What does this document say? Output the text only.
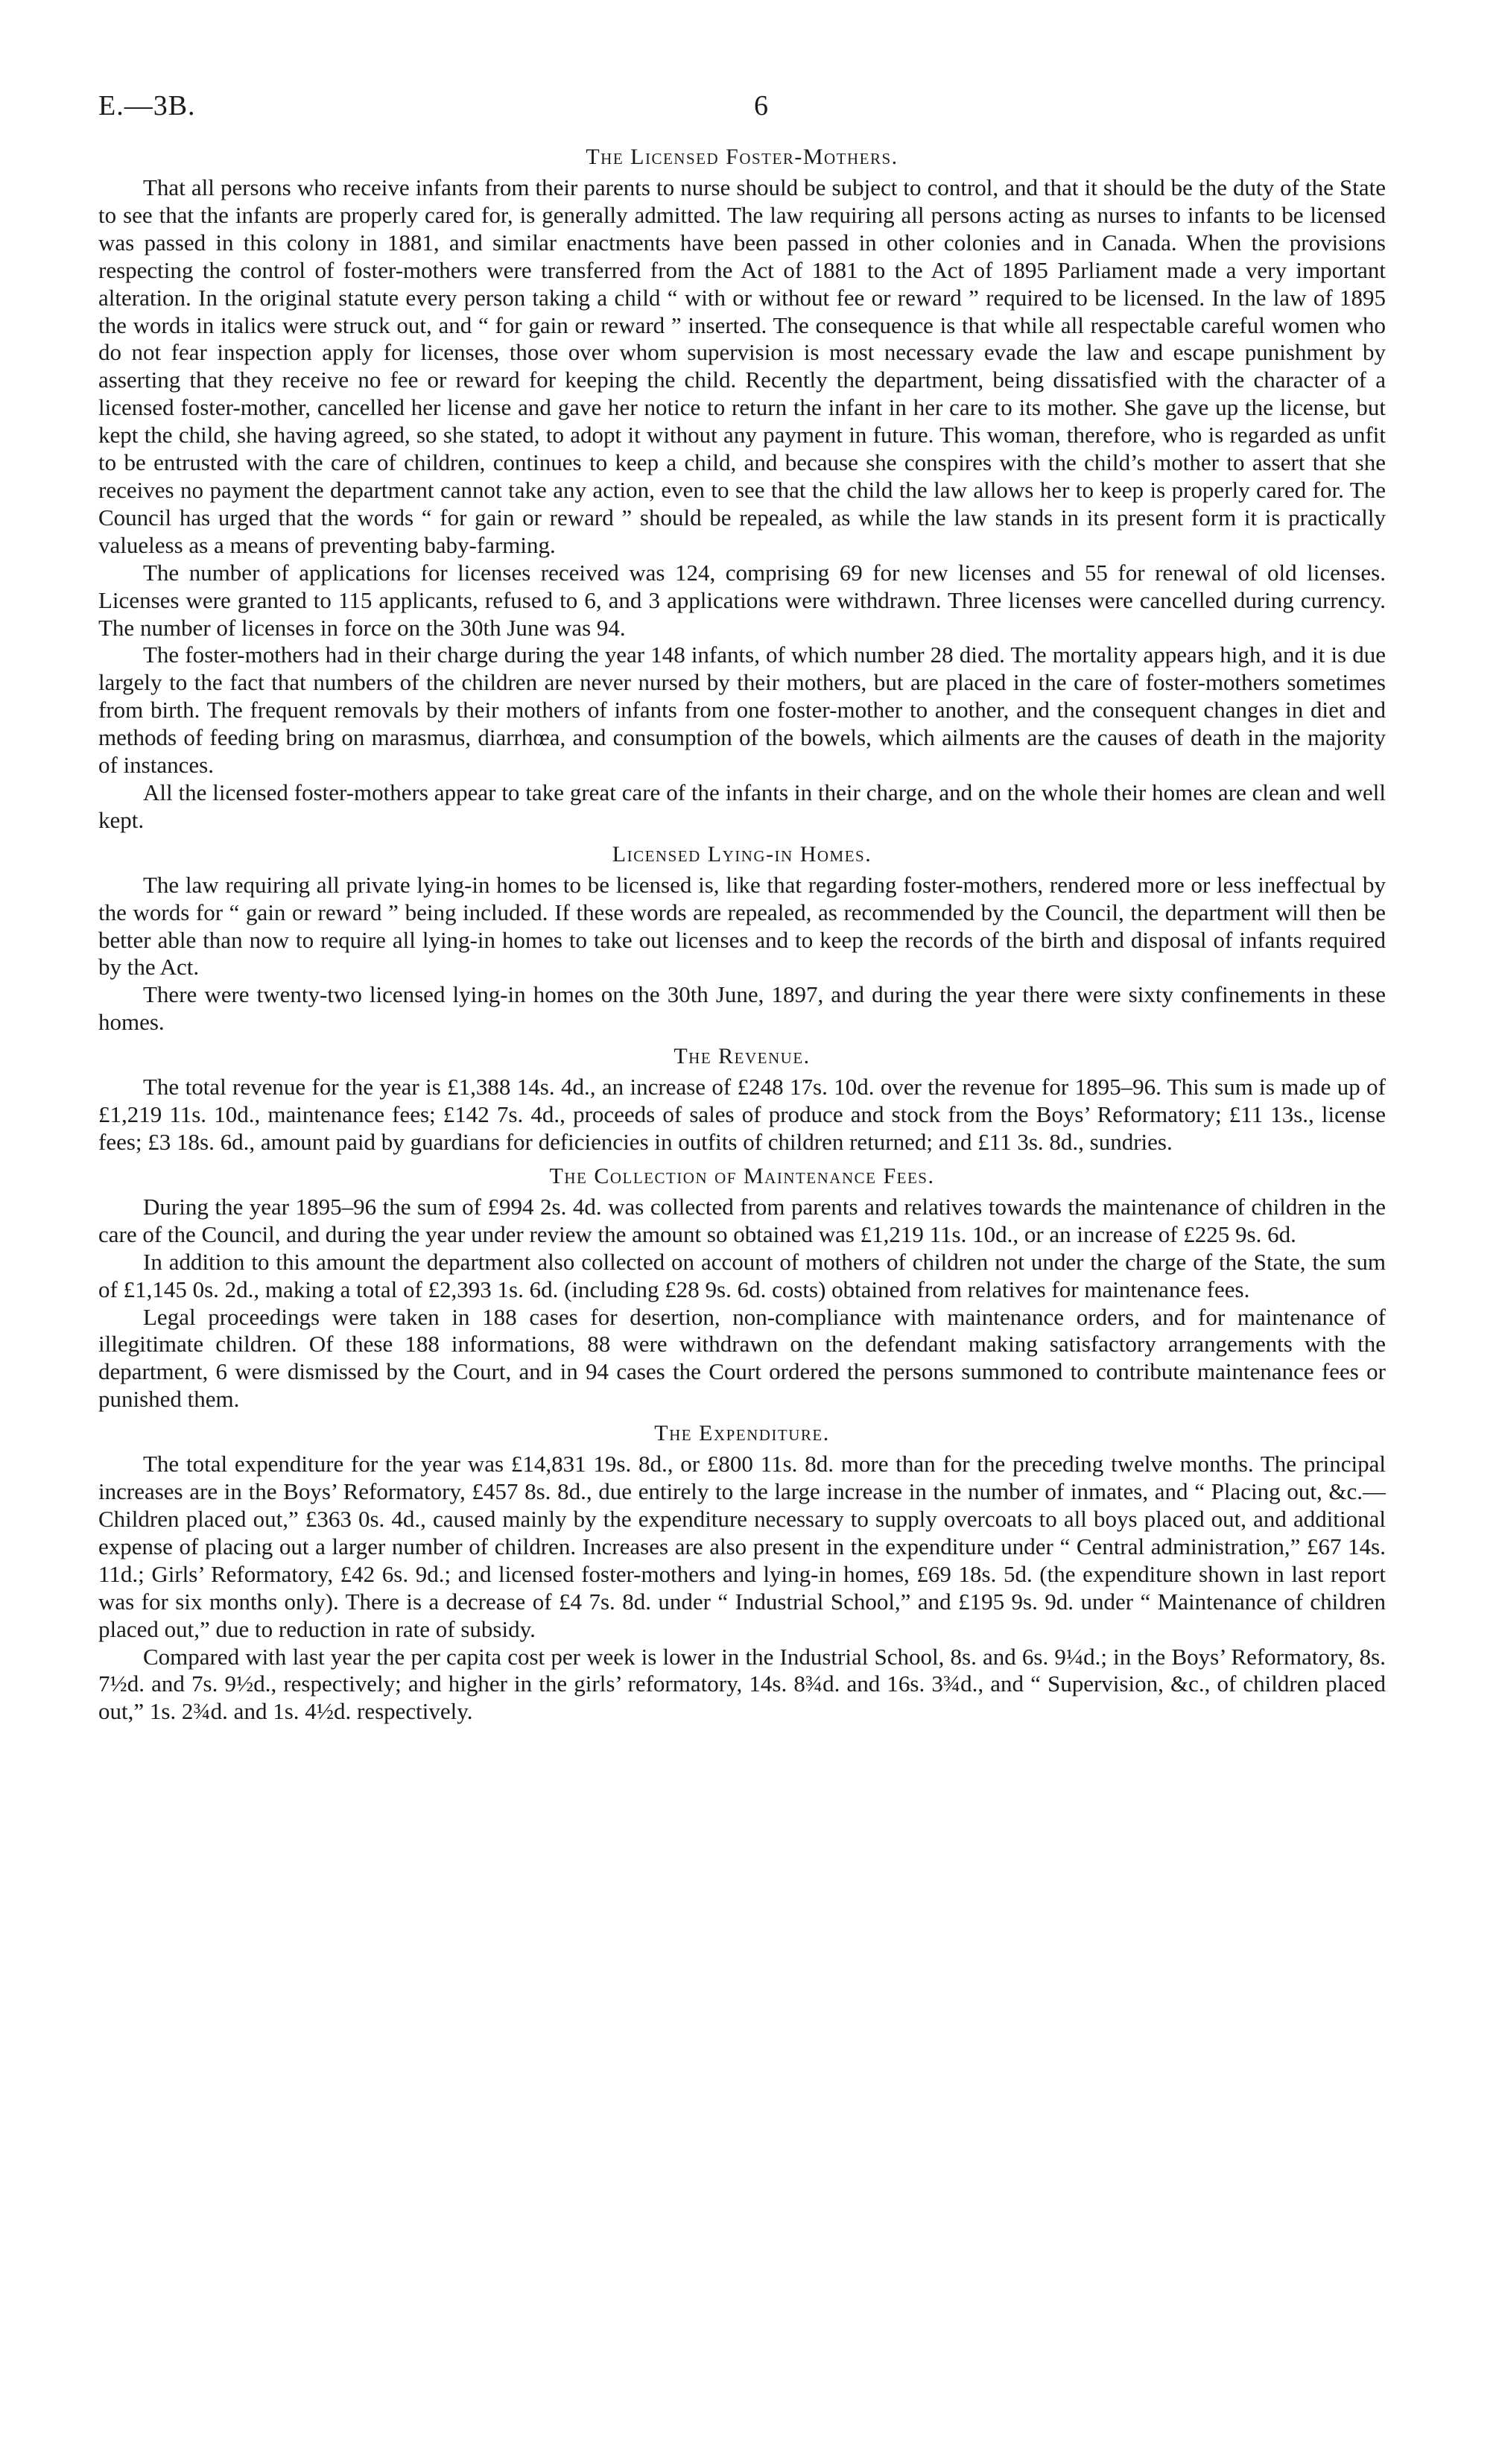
E.—3B.	6
The Licensed Foster-Mothers.

That all persons who receive infants from their parents to nurse should be subject to control, and that it should be the duty of the State to see that the infants are properly cared for, is generally admitted. The law requiring all persons acting as nurses to infants to be licensed was passed in this colony in 1881, and similar enactments have been passed in other colonies and in Canada. When the provisions respecting the control of foster-mothers were transferred from the Act of 1881 to the Act of 1895 Parliament made a very important alteration. In the original statute every person taking a child “ with or without fee or reward ” required to be licensed. In the law of 1895 the words in italics were struck out, and “ for gain or reward ” inserted. The consequence is that while all respectable careful women who do not fear inspection apply for licenses, those over whom supervision is most necessary evade the law and escape punishment by asserting that they receive no fee or reward for keeping the child. Recently the department, being dissatisfied with the character of a licensed foster-mother, cancelled her license and gave her notice to return the infant in her care to its mother. She gave up the license, but kept the child, she having agreed, so she stated, to adopt it without any payment in future. This woman, therefore, who is regarded as unfit to be entrusted with the care of children, continues to keep a child, and because she conspires with the child’s mother to assert that she receives no payment the department cannot take any action, even to see that the child the law allows her to keep is properly cared for. The Council has urged that the words “ for gain or reward ” should be repealed, as while the law stands in its present form it is practically valueless as a means of preventing baby-farming.

The number of applications for licenses received was 124, comprising 69 for new licenses and 55 for renewal of old licenses. Licenses were granted to 115 applicants, refused to 6, and 3 applications were withdrawn. Three licenses were cancelled during currency. The number of licenses in force on the 30th June was 94.

The foster-mothers had in their charge during the year 148 infants, of which number 28 died. The mortality appears high, and it is due largely to the fact that numbers of the children are never nursed by their mothers, but are placed in the care of foster-mothers sometimes from birth. The frequent removals by their mothers of infants from one foster-mother to another, and the consequent changes in diet and methods of feeding bring on marasmus, diarrhœa, and consumption of the bowels, which ailments are the causes of death in the majority of instances.

All the licensed foster-mothers appear to take great care of the infants in their charge, and on the whole their homes are clean and well kept.

Licensed Lying-in Homes.

The law requiring all private lying-in homes to be licensed is, like that regarding foster-mothers, rendered more or less ineffectual by the words for “ gain or reward ” being included. If these words are repealed, as recommended by the Council, the department will then be better able than now to require all lying-in homes to take out licenses and to keep the records of the birth and disposal of infants required by the Act.

There were twenty-two licensed lying-in homes on the 30th June, 1897, and during the year there were sixty confinements in these homes.

The Revenue.

The total revenue for the year is £1,388 14s. 4d., an increase of £248 17s. 10d. over the revenue for 1895–96. This sum is made up of £1,219 11s. 10d., maintenance fees; £142 7s. 4d., proceeds of sales of produce and stock from the Boys’ Reformatory; £11 13s., license fees; £3 18s. 6d., amount paid by guardians for deficiencies in outfits of children returned; and £11 3s. 8d., sundries.

The Collection of Maintenance Fees.

During the year 1895–96 the sum of £994 2s. 4d. was collected from parents and relatives towards the maintenance of children in the care of the Council, and during the year under review the amount so obtained was £1,219 11s. 10d., or an increase of £225 9s. 6d.

In addition to this amount the department also collected on account of mothers of children not under the charge of the State, the sum of £1,145 0s. 2d., making a total of £2,393 1s. 6d. (including £28 9s. 6d. costs) obtained from relatives for maintenance fees.

Legal proceedings were taken in 188 cases for desertion, non-compliance with maintenance orders, and for maintenance of illegitimate children. Of these 188 informations, 88 were withdrawn on the defendant making satisfactory arrangements with the department, 6 were dismissed by the Court, and in 94 cases the Court ordered the persons summoned to contribute maintenance fees or punished them.

The Expenditure.

The total expenditure for the year was £14,831 19s. 8d., or £800 11s. 8d. more than for the preceding twelve months. The principal increases are in the Boys’ Reformatory, £457 8s. 8d., due entirely to the large increase in the number of inmates, and “ Placing out, &c.—Children placed out,” £363 0s. 4d., caused mainly by the expenditure necessary to supply overcoats to all boys placed out, and additional expense of placing out a larger number of children. Increases are also present in the expenditure under “ Central administration,” £67 14s. 11d.; Girls’ Reformatory, £42 6s. 9d.; and licensed foster-mothers and lying-in homes, £69 18s. 5d. (the expenditure shown in last report was for six months only). There is a decrease of £4 7s. 8d. under “ Industrial School,” and £195 9s. 9d. under “ Maintenance of children placed out,” due to reduction in rate of subsidy.

Compared with last year the per capita cost per week is lower in the Industrial School, 8s. and 6s. 9¼d.; in the Boys’ Reformatory, 8s. 7½d. and 7s. 9½d., respectively; and higher in the girls’ reformatory, 14s. 8¾d. and 16s. 3¾d., and “ Supervision, &c., of children placed out,” 1s. 2¾d. and 1s. 4½d. respectively.
